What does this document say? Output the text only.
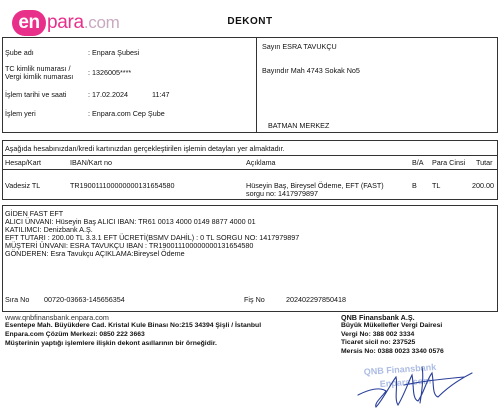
en para.com	DEKONT
Şube adı	: Enpara Şubesi
TC kimlik numarası /
Vergi kimlik numarası : 1326005****
İşlem tarihi ve saati	: 17.02.2024	11:47
İşlem yeri	: Enpara.com Cep Şube
Sayın ESRA TAVUKÇU
Bayındır Mah 4743 Sokak No5
BATMAN MERKEZ
Aşağıda hesabınızdan/kredi kartınızdan gerçekleştirilen işlemin detayları yer almaktadır.
Hesap/Kart	IBAN/Kart no	Açıklama	B/A Para Cinsi Tutar
Vadesiz TL	TR190011100000000131654580	Hüseyin Baş, Bireysel Ödeme, EFT (FAST)
sorgu no: 1417979897
B TL	200.00
GİDEN FAST EFT
ALICI ÜNVANI: Hüseyin Baş ALICI IBAN: TR61 0013 4000 0149 8877 4000 01
KATILIMCI: Denizbank A.Ş.
EFT TUTARI : 200.00 TL 3.3.1 EFT ÜCRETİ(BSMV DAHİL) : 0 TL SORGU NO: 1417979897
MÜŞTERİ ÜNVANI: ESRA TAVUKÇU IBAN : TR190011100000000131654580
GÖNDEREN: Esra Tavukçu AÇIKLAMA:Bireysel Ödeme
Sıra No 00720-03663-145656354	Fiş No	202402297850418
www.qnbfinansbank.enpara.com
Esentepe Mah. Büyükdere Cad. Kristal Kule Binası No:215 34394 Şişli / İstanbul
Enpara.com Çözüm Merkezi: 0850 222 3663
Müşterinin yaptığı işlemlere ilişkin dekont asıllarının bir örneğidir.
QNB Finansbank A.Ş.
Büyük Mükellefler Vergi Dairesi
Vergi No: 388 002 3334
Ticaret sicil no: 237525
Mersis No: 0388 0023 3340 0576
QNB Finansbank
Enpara.com
